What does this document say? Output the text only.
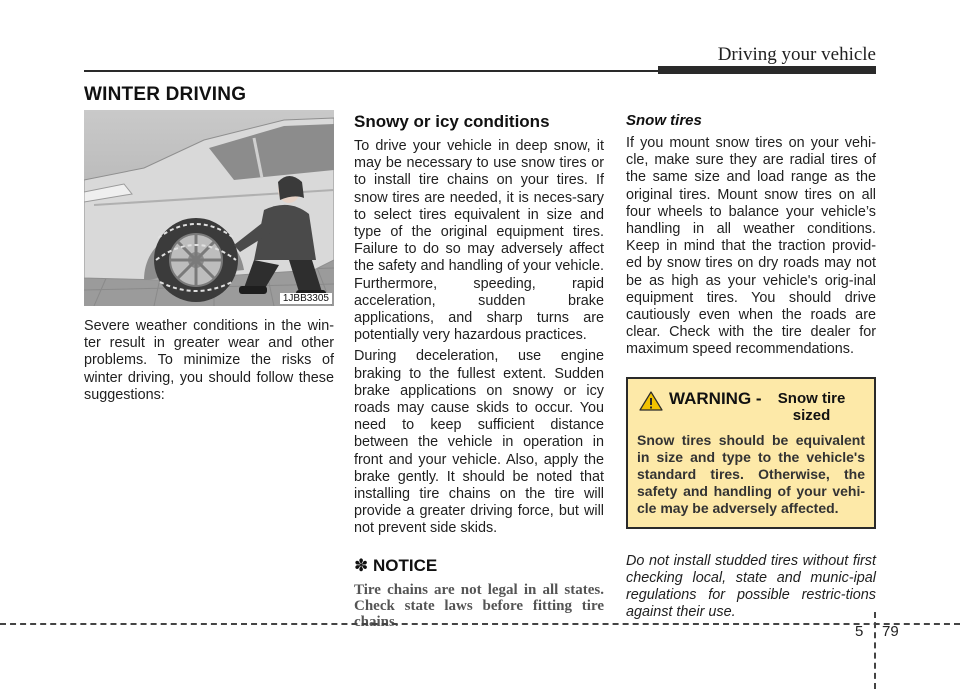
Driving your vehicle
WINTER DRIVING
1JBB3305

Severe weather conditions in the win-ter result in greater wear and other problems. To minimize the risks of winter driving, you should follow these suggestions:

Snowy or icy conditions

To drive your vehicle in deep snow, it may be necessary to use snow tires or to install tire chains on your tires. If snow tires are needed, it is neces-sary to select tires equivalent in size and type of the original equipment tires. Failure to do so may adversely affect the safety and handling of your vehicle. Furthermore, speeding, rapid acceleration, sudden brake applications, and sharp turns are potentially very hazardous practices.

During deceleration, use engine braking to the fullest extent. Sudden brake applications on snowy or icy roads may cause skids to occur. You need to keep sufficient distance between the vehicle in operation in front and your vehicle. Also, apply the brake gently. It should be noted that installing tire chains on the tire will provide a greater driving force, but will not prevent side skids.

✽ NOTICE

Tire chains are not legal in all states. Check state laws before fitting tire chains.

Snow tires

If you mount snow tires on your vehi-cle, make sure they are radial tires of the same size and load range as the original tires. Mount snow tires on all four wheels to balance your vehicle’s handling in all weather conditions. Keep in mind that the traction provid-ed by snow tires on dry roads may not be as high as your vehicle's orig-inal equipment tires. You should drive cautiously even when the roads are clear. Check with the tire dealer for maximum speed recommendations.

WARNING -	Snow tire sized

Snow tires should be equivalent in size and type to the vehicle's standard tires. Otherwise, the safety and handling of your vehi-cle may be adversely affected.

Do not install studded tires without first checking local, state and munic-ipal regulations for possible restric-tions against their use.

5 79
